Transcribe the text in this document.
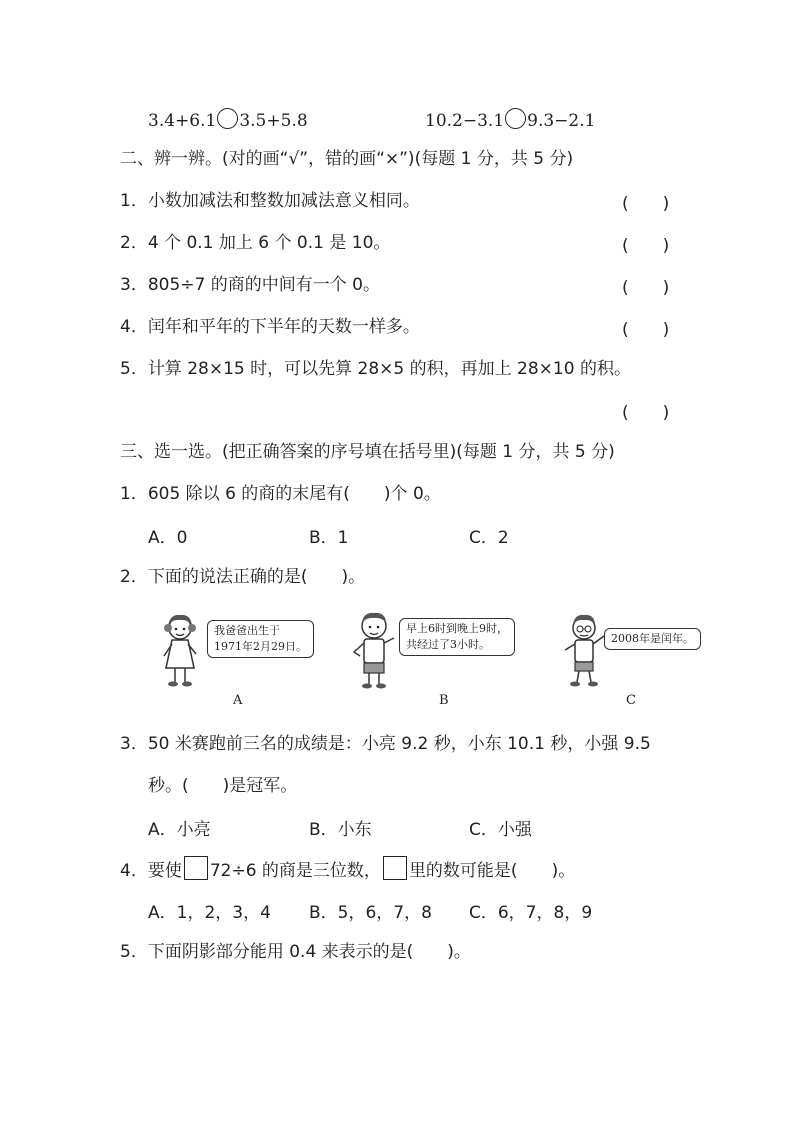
3.4+6.1 3.5+5.8	10.2−3.1 9.3−2.1
二、辨一辨。(对的画“√”，错的画“×”)(每题 1 分，共 5 分)
1．小数加减法和整数加减法意义相同。	(　　)
2．4 个 0.1 加上 6 个 0.1 是 10。	(　　)
3．805÷7 的商的中间有一个 0。	(　　)
4．闰年和平年的下半年的天数一样多。	(　　)
5．计算 28×15 时，可以先算 28×5 的积，再加上 28×10 的积。
(　　)
三、选一选。(把正确答案的序号填在括号里)(每题 1 分，共 5 分)
1．605 除以 6 的商的末尾有(　　)个 0。
A．0	B．1	C．2
2．下面的说法正确的是(　　)。
我爸爸出生于
1971年2月29日。
A
早上6时到晚上9时，
共经过了3小时。
B
2008年是闰年。
C
3．50 米赛跑前三名的成绩是：小亮 9.2 秒，小东 10.1 秒，小强 9.5
秒。(　　)是冠军。
A．小亮	B．小东	C．小强
4．要使 72÷6 的商是三位数， 里的数可能是(　　)。
A．1，2，3，4 B．5，6，7，8 C．6，7，8，9
5．下面阴影部分能用 0.4 来表示的是(　　)。
